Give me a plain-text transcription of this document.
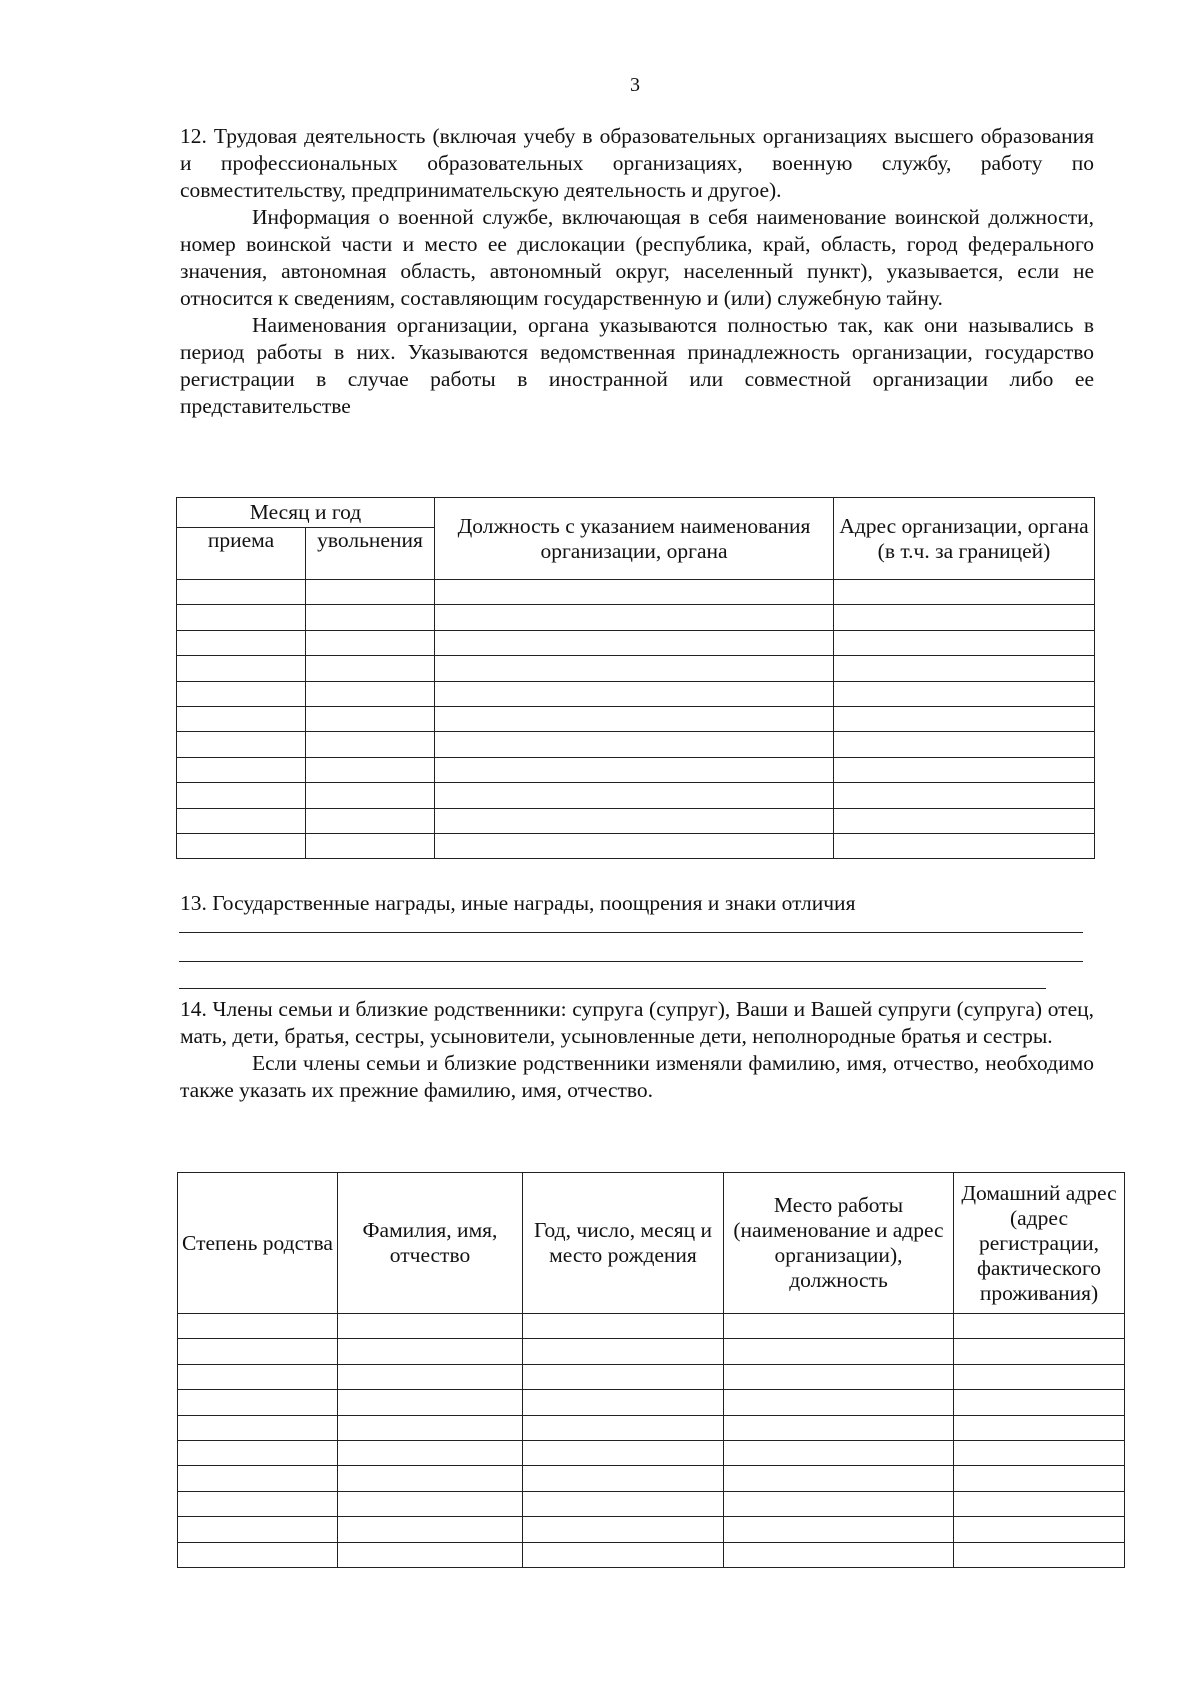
3

12. Трудовая деятельность (включая учебу в образовательных организациях высшего образования и профессиональных образовательных организациях, военную службу, работу по совместительству, предпринимательскую деятельность и другое).

Информация о военной службе, включающая в себя наименование воинской должности, номер воинской части и место ее дислокации (республика, край, область, город федерального значения, автономная область, автономный округ, населенный пункт), указывается, если не относится к сведениям, составляющим государственную и (или) служебную тайну.

Наименования организации, органа указываются полностью так, как они назывались в период работы в них. Указываются ведомственная принадлежность организации, государство регистрации в случае работы в иностранной или совместной организации либо ее представительстве

Месяц и год		Должность с указанием наименования организации, органа	Адрес организации, органа (в т.ч. за границей)
приема	увольнения		

13. Государственные награды, иные награды, поощрения и знаки отличия

14. Члены семьи и близкие родственники: супруга (супруг), Ваши и Вашей супруги (супруга) отец, мать, дети, братья, сестры, усыновители, усыновленные дети, неполнородные братья и сестры.

Если члены семьи и близкие родственники изменяли фамилию, имя, отчество, необходимо также указать их прежние фамилию, имя, отчество.

Степень родства	Фамилия, имя, отчество	Год, число, месяц и место рождения	Место работы (наименование и адрес организации), должность	Домашний адрес (адрес регистрации, фактического проживания)
